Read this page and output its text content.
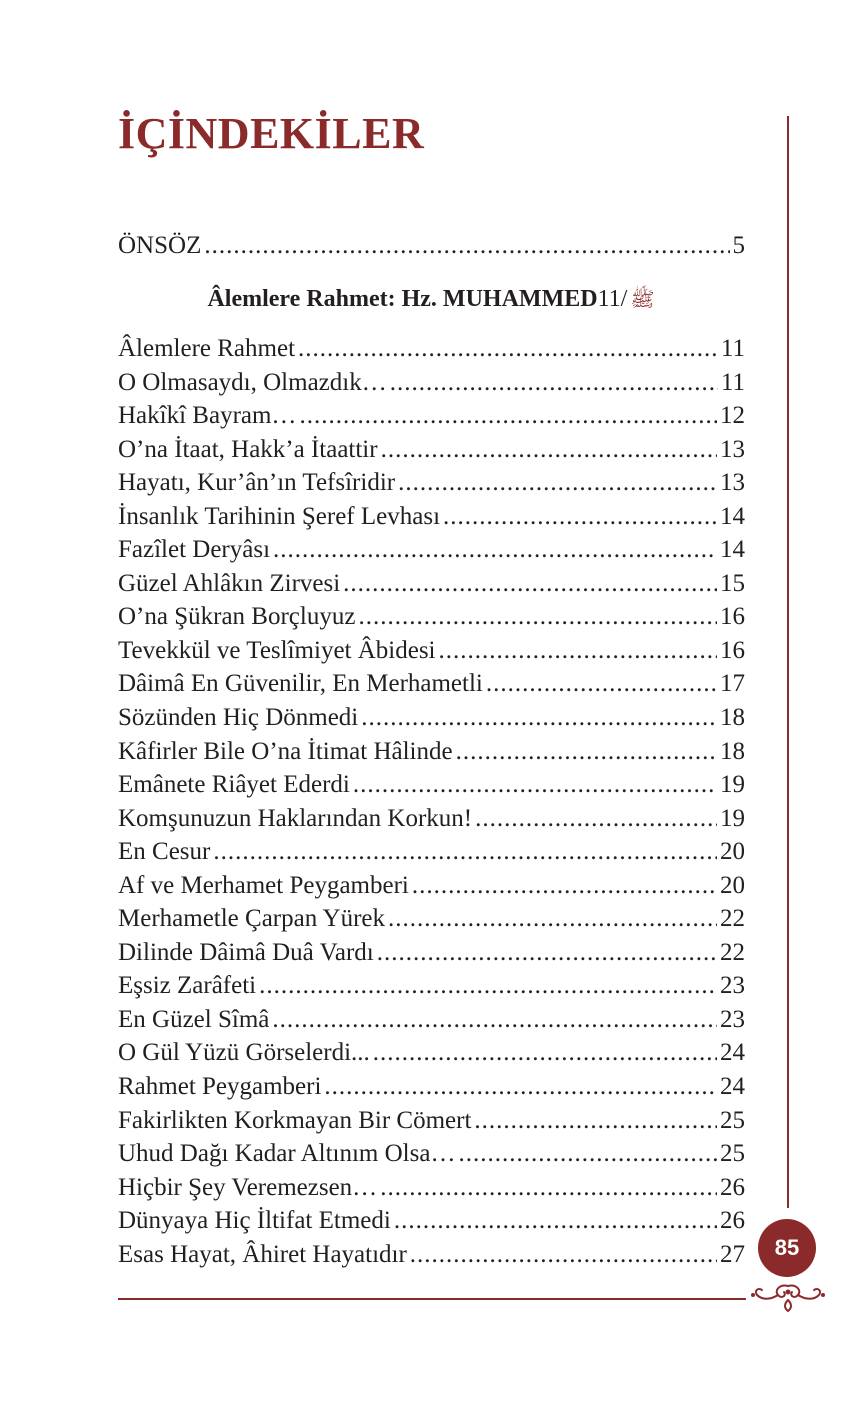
İÇİNDEKİLER
ÖNSÖZ .....	5
Âlemlere Rahmet: Hz. MUHAMMED ﷺ/11
Âlemlere Rahmet .....	11
O Olmasaydı, Olmazdık… .....	11
Hakîkî Bayram… .....	12
O’na İtaat, Hakk’a İtaattir .....	13
Hayatı, Kur’ân’ın Tefsîridir .....	13
İnsanlık Tarihinin Şeref Levhası .....	14
Fazîlet Deryâsı .....	14
Güzel Ahlâkın Zirvesi .....	15
O’na Şükran Borçluyuz .....	16
Tevekkül ve Teslîmiyet Âbidesi .....	16
Dâimâ En Güvenilir, En Merhametli .....	17
Sözünden Hiç Dönmedi .....	18
Kâfirler Bile O’na İtimat Hâlinde .....	18
Emânete Riâyet Ederdi .....	19
Komşunuzun Haklarından Korkun! .....	19
En Cesur .....	20
Af ve Merhamet Peygamberi .....	20
Merhametle Çarpan Yürek .....	22
Dilinde Dâimâ Duâ Vardı .....	22
Eşsiz Zarâfeti .....	23
En Güzel Sîmâ .....	23
O Gül Yüzü Görselerdi... .....	24
Rahmet Peygamberi .....	24
Fakirlikten Korkmayan Bir Cömert .....	25
Uhud Dağı Kadar Altınım Olsa… .....	25
Hiçbir Şey Veremezsen… .....	26
Dünyaya Hiç İltifat Etmedi .....	26
Esas Hayat, Âhiret Hayatıdır .....	27	85
